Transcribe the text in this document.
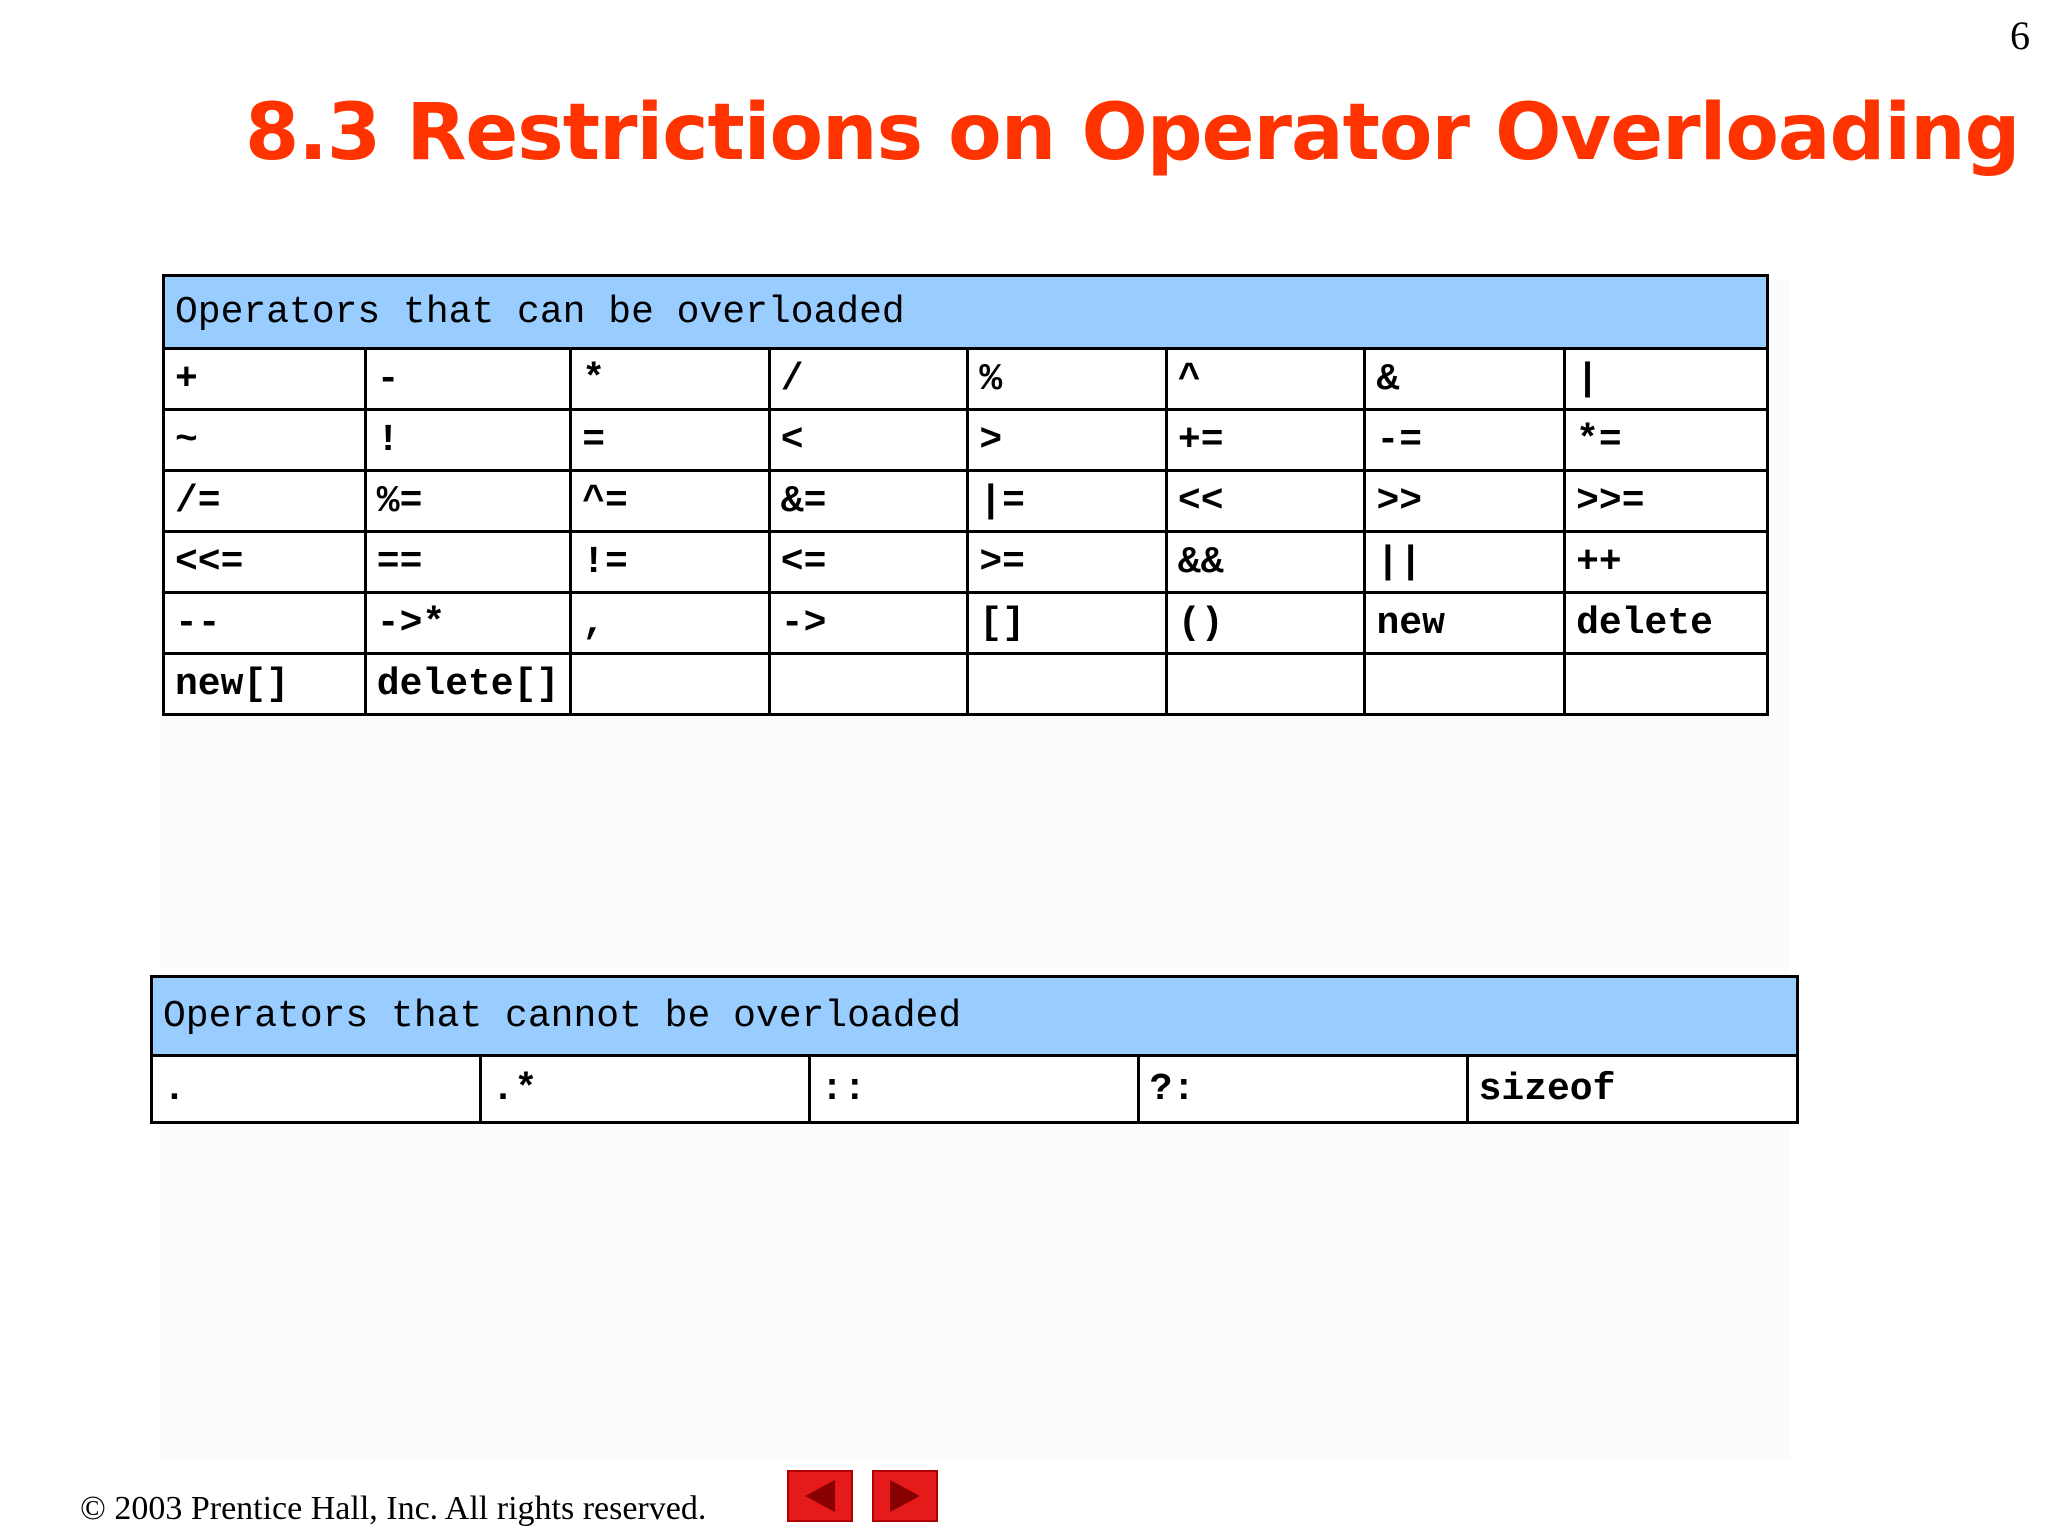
6
8.3 Restrictions on Operator Overloading
Operators that can be overloaded							
+	-	*	/	%	^	&	|
~	!	=	<	>	+=	-=	*=
/=	%=	^=	&=	|=	<<	>>	>>=
<<=	==	!=	<=	>=	&&	||	++
--	->*	,	->	[]	()	new	delete
new[]	delete[]						
Operators that cannot be overloaded
.	.*	::	?:	sizeof
© 2003 Prentice Hall, Inc. All rights reserved.
